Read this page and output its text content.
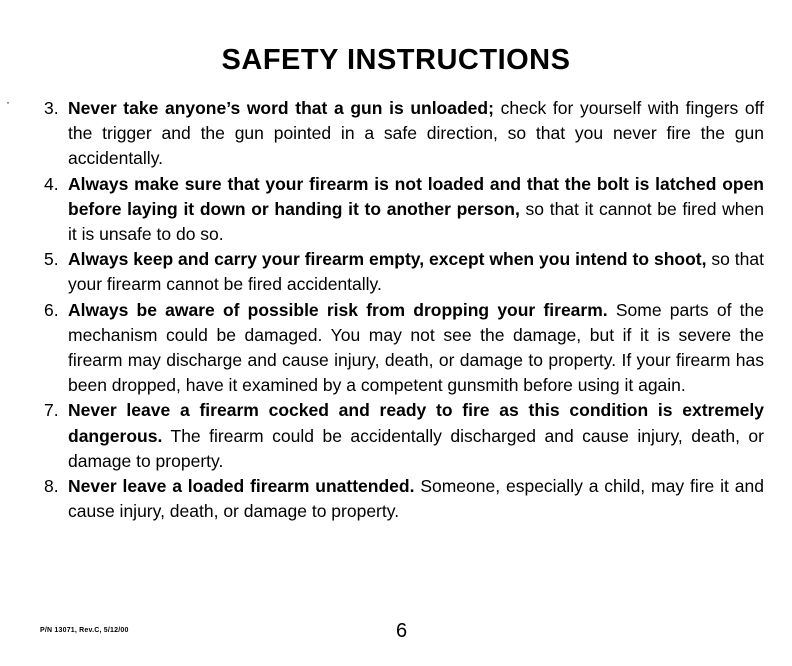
SAFETY INSTRUCTIONS
· 3. Never take anyone’s word that a gun is unloaded; check for yourself with fingers off the trigger and the gun pointed in a safe direction, so that you never fire the gun accidentally.
4. Always make sure that your firearm is not loaded and that the bolt is latched open before laying it down or handing it to another person, so that it cannot be fired when it is unsafe to do so.
5. Always keep and carry your firearm empty, except when you intend to shoot, so that your firearm cannot be fired accidentally.
6. Always be aware of possible risk from dropping your firearm. Some parts of the mechanism could be damaged. You may not see the damage, but if it is severe the firearm may discharge and cause injury, death, or damage to property. If your firearm has been dropped, have it examined by a competent gunsmith before using it again.
7. Never leave a firearm cocked and ready to fire as this condition is extremely dangerous. The firearm could be accidentally discharged and cause injury, death, or damage to property.
8. Never leave a loaded firearm unattended. Someone, especially a child, may fire it and cause injury, death, or damage to property.
P/N 13071, Rev.C, 5/12/00	6
